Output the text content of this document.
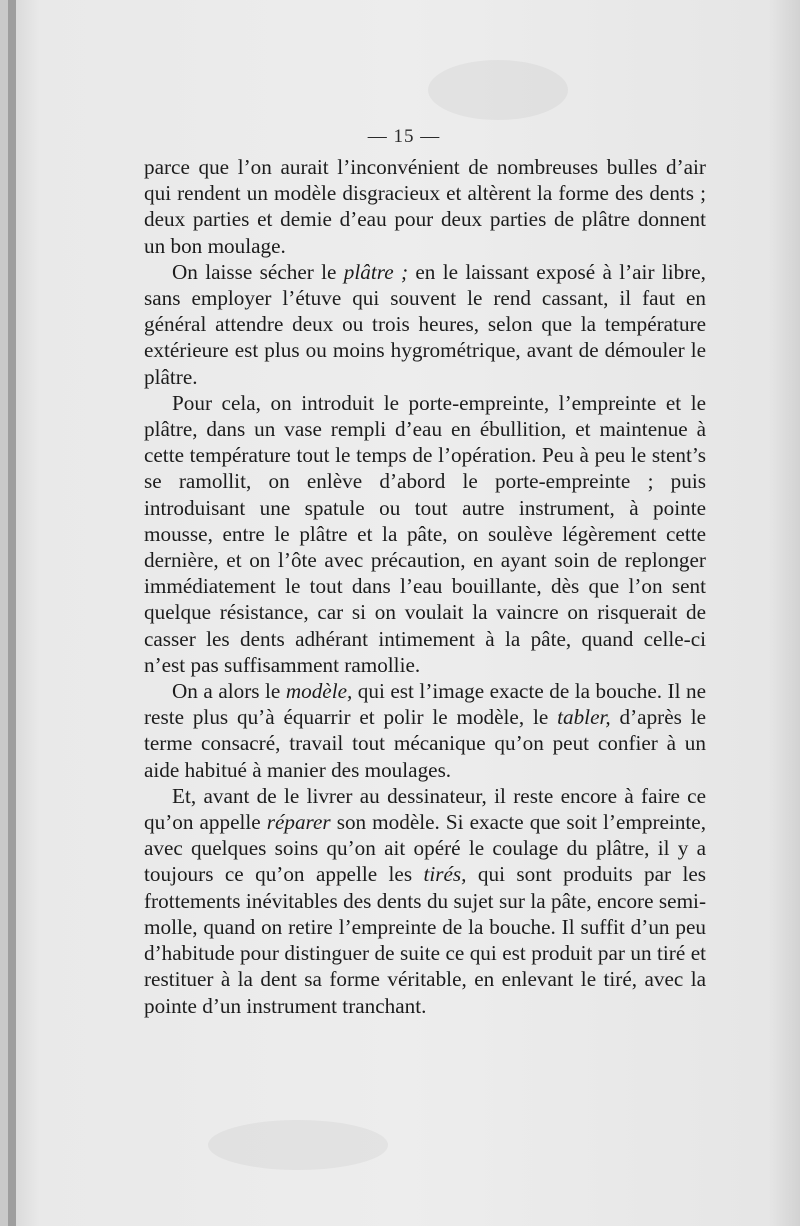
— 15 —

parce que l’on aurait l’inconvénient de nombreuses bulles d’air qui rendent un modèle disgracieux et altèrent la forme des dents ; deux parties et demie d’eau pour deux parties de plâtre donnent un bon moulage.

On laisse sécher le plâtre ; en le laissant exposé à l’air libre, sans employer l’étuve qui souvent le rend cassant, il faut en général attendre deux ou trois heures, selon que la température extérieure est plus ou moins hygrométrique, avant de démouler le plâtre.

Pour cela, on introduit le porte-empreinte, l’empreinte et le plâtre, dans un vase rempli d’eau en ébullition, et maintenue à cette température tout le temps de l’opération. Peu à peu le stent’s se ramollit, on enlève d’abord le porte-empreinte ; puis introduisant une spatule ou tout autre instrument, à pointe mousse, entre le plâtre et la pâte, on soulève légèrement cette dernière, et on l’ôte avec précaution, en ayant soin de replonger immédiatement le tout dans l’eau bouillante, dès que l’on sent quelque résistance, car si on voulait la vaincre on risquerait de casser les dents adhérant intimement à la pâte, quand celle-ci n’est pas suffisamment ramollie.

On a alors le modèle, qui est l’image exacte de la bouche. Il ne reste plus qu’à équarrir et polir le modèle, le tabler, d’après le terme consacré, travail tout mécanique qu’on peut confier à un aide habitué à manier des moulages.

Et, avant de le livrer au dessinateur, il reste encore à faire ce qu’on appelle réparer son modèle. Si exacte que soit l’empreinte, avec quelques soins qu’on ait opéré le coulage du plâtre, il y a toujours ce qu’on appelle les tirés, qui sont produits par les frottements inévitables des dents du sujet sur la pâte, encore semi-molle, quand on retire l’empreinte de la bouche. Il suffit d’un peu d’habitude pour distinguer de suite ce qui est produit par un tiré et restituer à la dent sa forme véritable, en enlevant le tiré, avec la pointe d’un instrument tranchant.
